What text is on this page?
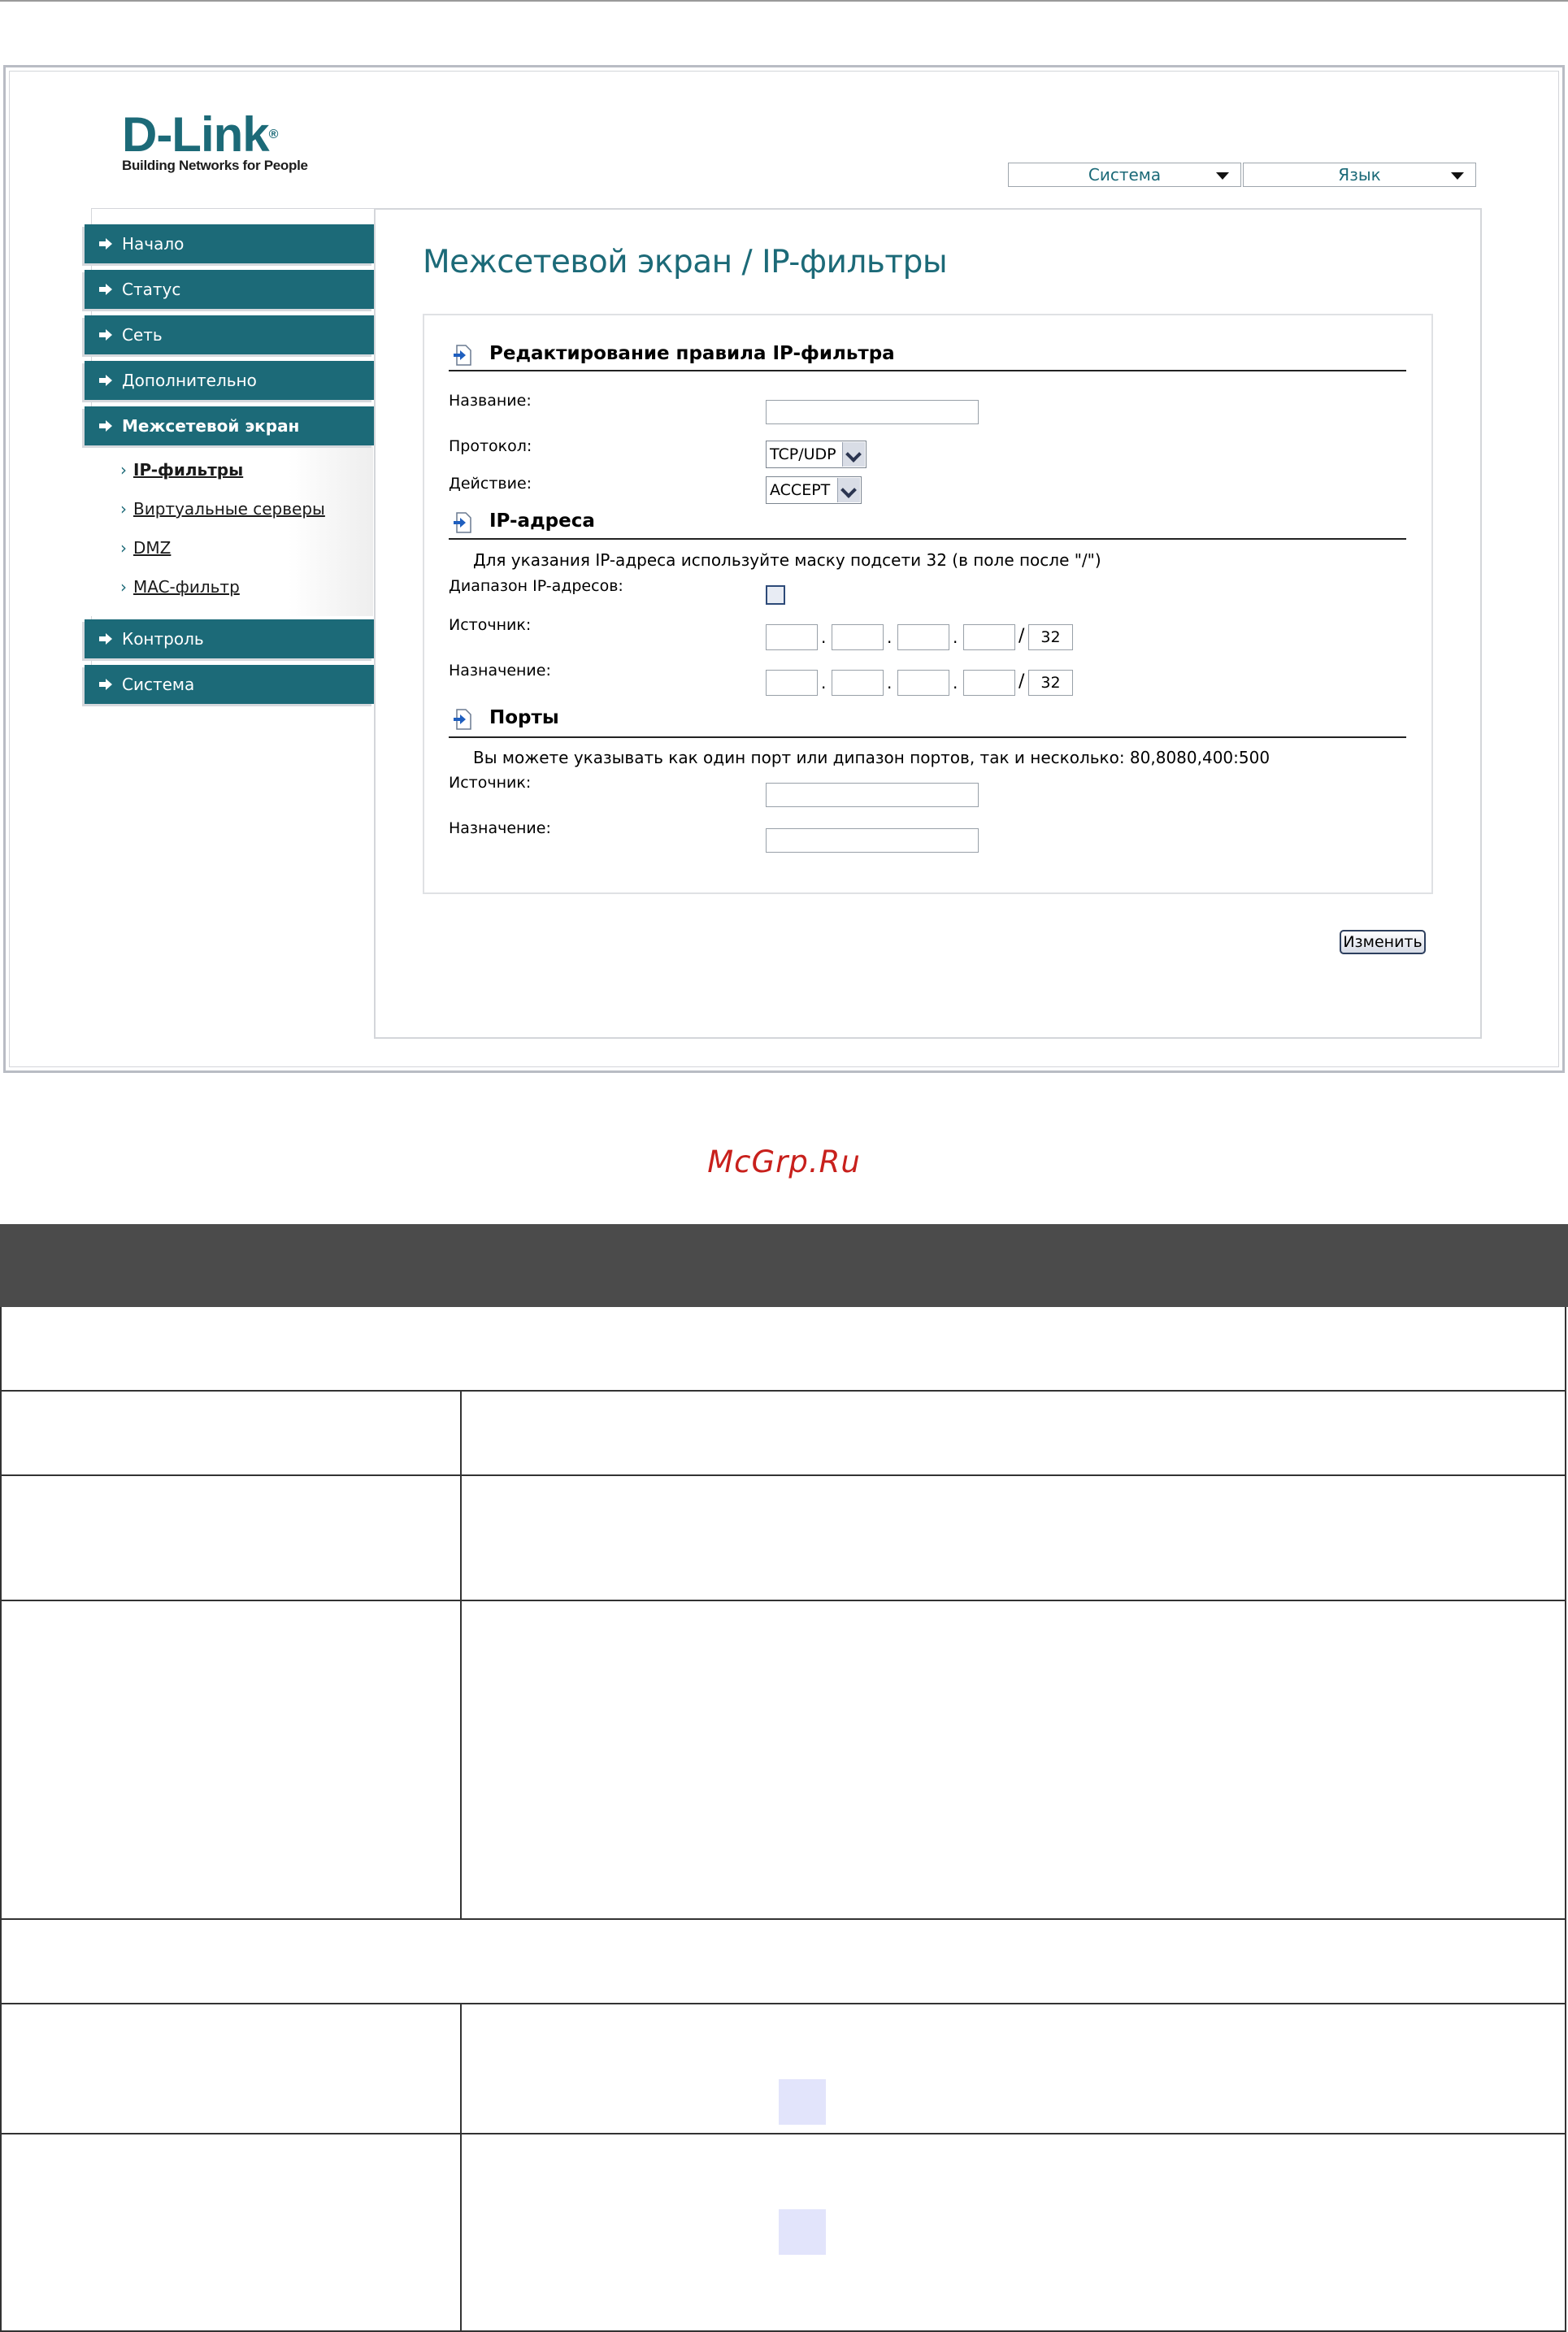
D-Link®
Building Networks for People	Система	Язык
Начало
Статус
Сеть
Дополнительно
Межсетевой экран
› IP-фильтры
› Виртуальные серверы
› DMZ
› MAC-фильтр
Контроль
Система
Межсетевой экран / IP-фильтры
Редактирование правила IP-фильтра
Название:
Протокол:	TCP/UDP
Действие:	ACCEPT
IP-адреса
Для указания IP-адреса используйте маску подсети 32 (в поле после "/")
Диапазон IP-адресов:
Источник:
.	.	.	/	32
Назначение:
.	.	.	/	32
Порты
Вы можете указывать как один порт или дипазон портов, так и несколько: 80,8080,400:500
Источник:
Назначение:
Изменить
McGrp.Ru
